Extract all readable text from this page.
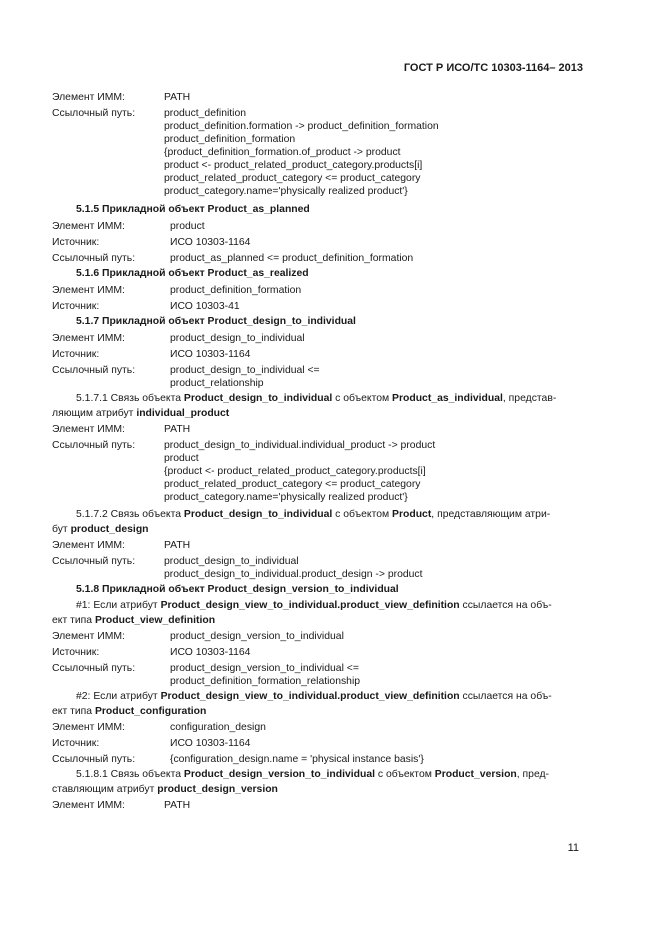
ГОСТ Р ИСО/ТС 10303-1164– 2013
Элемент ИММ:	PATH
Ссылочный путь:	product_definition
product_definition.formation -> product_definition_formation
product_definition_formation
{product_definition_formation.of_product -> product
product <- product_related_product_category.products[i]
product_related_product_category <= product_category
product_category.name='physically realized product'}
5.1.5 Прикладной объект Product_as_planned
Элемент ИММ:	product
Источник:	ИСО 10303-1164
Ссылочный путь:	product_as_planned <= product_definition_formation
5.1.6 Прикладной объект Product_as_realized
Элемент ИММ:	product_definition_formation
Источник:	ИСО 10303-41
5.1.7 Прикладной объект Product_design_to_individual
Элемент ИММ:	product_design_to_individual
Источник:	ИСО 10303-1164
Ссылочный путь:	product_design_to_individual <=
product_relationship
5.1.7.1 Связь объекта Product_design_to_individual с объектом Product_as_individual, представ-
ляющим атрибут individual_product
Элемент ИММ:	PATH
Ссылочный путь:	product_design_to_individual.individual_product -> product
product
{product <- product_related_product_category.products[i]
product_related_product_category <= product_category
product_category.name='physically realized product'}
5.1.7.2 Связь объекта Product_design_to_individual с объектом Product, представляющим атри-
бут product_design
Элемент ИММ:	PATH
Ссылочный путь:	product_design_to_individual
product_design_to_individual.product_design -> product
5.1.8 Прикладной объект Product_design_version_to_individual
#1: Если атрибут Product_design_view_to_individual.product_view_definition ссылается на объ-
ект типа Product_view_definition
Элемент ИММ:	product_design_version_to_individual
Источник:	ИСО 10303-1164
Ссылочный путь:	product_design_version_to_individual <=
product_definition_formation_relationship
#2: Если атрибут Product_design_view_to_individual.product_view_definition ссылается на объ-
ект типа Product_configuration
Элемент ИММ:	configuration_design
Источник:	ИСО 10303-1164
Ссылочный путь:	{configuration_design.name = 'physical instance basis'}
5.1.8.1 Связь объекта Product_design_version_to_individual с объектом Product_version, пред-
ставляющим атрибут product_design_version
Элемент ИММ:	PATH
11
